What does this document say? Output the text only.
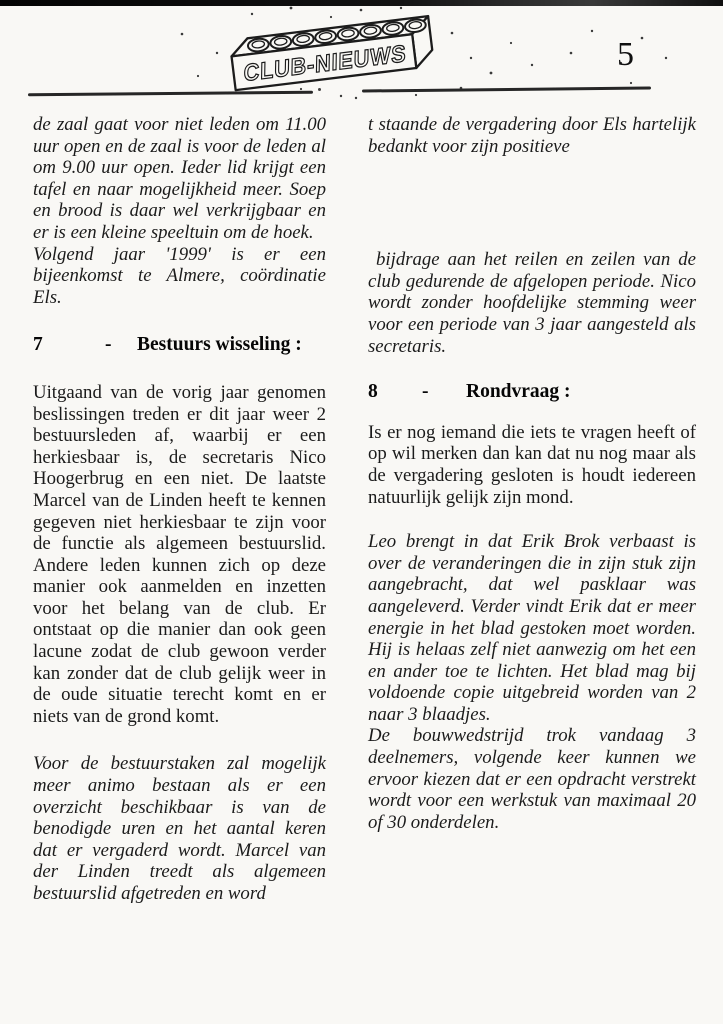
CLUB-NIEUWS	5

de zaal gaat voor niet leden om 11.00 uur open en de zaal is voor de leden al om 9.00 uur open. Ieder lid krijgt een tafel en naar mogelijkheid meer. Soep en brood is daar wel verkrijgbaar en er is een kleine speeltuin om de hoek.

Volgend jaar '1999' is er een bijeenkomst te Almere, coördinatie Els.

7	-	Bestuurs wisseling :

Uitgaand van de vorig jaar genomen beslissingen treden er dit jaar weer 2 bestuursleden af, waarbij er een herkiesbaar is, de secretaris Nico Hoogerbrug en een niet. De laatste Marcel van de Linden heeft te kennen gegeven niet herkiesbaar te zijn voor de functie als algemeen bestuurslid. Andere leden kunnen zich op deze manier ook aanmelden en inzetten voor het belang van de club. Er ontstaat op die manier dan ook geen lacune zodat de club gewoon verder kan zonder dat de club gelijk weer in de oude situatie terecht komt en er niets van de grond komt.

Voor de bestuurstaken zal mogelijk meer animo bestaan als er een overzicht beschikbaar is van de benodigde uren en het aantal keren dat er vergaderd wordt. Marcel van der Linden treedt als algemeen bestuurslid afgetreden en word

t staande de vergadering door Els hartelijk bedankt voor zijn positieve

bijdrage aan het reilen en zeilen van de club gedurende de afgelopen periode. Nico wordt zonder hoofdelijke stemming weer voor een periode van 3 jaar aangesteld als secretaris.

8	-	Rondvraag :

Is er nog iemand die iets te vragen heeft of op wil merken dan kan dat nu nog maar als de vergadering gesloten is houdt iedereen natuurlijk gelijk zijn mond.

Leo brengt in dat Erik Brok verbaast is over de veranderingen die in zijn stuk zijn aangebracht, dat wel pasklaar was aangeleverd. Verder vindt Erik dat er meer energie in het blad gestoken moet worden. Hij is helaas zelf niet aanwezig om het een en ander toe te lichten. Het blad mag bij voldoende copie uitgebreid worden van 2 naar 3 blaadjes.

De bouwwedstrijd trok vandaag 3 deelnemers, volgende keer kunnen we ervoor kiezen dat er een opdracht verstrekt wordt voor een werkstuk van maximaal 20 of 30 onderdelen.
